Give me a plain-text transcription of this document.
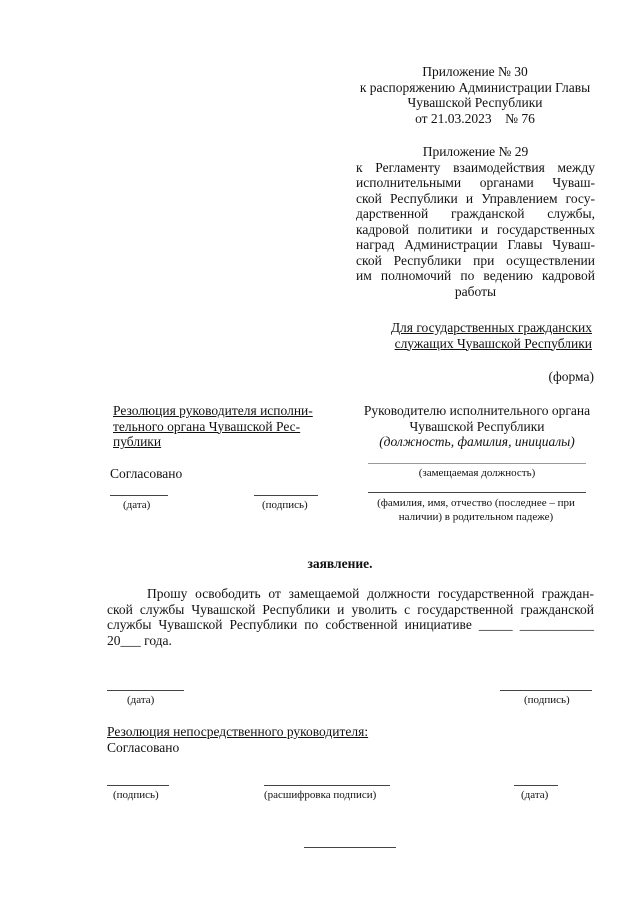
Приложение № 30
к распоряжению Администрации Главы
Чувашской Республики
от 21.03.2023    № 76
Приложение № 29
к Регламенту взаимодействия между
исполнительными органами Чуваш-
ской Республики и Управлением госу-
дарственной гражданской службы,
кадровой политики и государственных
наград Администрации Главы Чуваш-
ской Республики при осуществлении
им полномочий по ведению кадровой
работы
Для государственных гражданских
служащих Чувашской Республики
(форма)
Резолюция руководителя исполни-
тельного органа Чувашской Рес-
публики
Согласовано
(дата)	(подпись)
Руководителю исполнительного органа
Чувашской Республики
(должность, фамилия, инициалы)
(замещаемая должность)
(фамилия, имя, отчество (последнее – при
наличии) в родительном падеже)
заявление.
Прошу освободить от замещаемой должности государственной граждан-
ской службы Чувашской Республики и уволить с государственной гражданской
службы Чувашской Республики по собственной инициативе _____ ___________
20___ года.
(дата)	(подпись)
Резолюция непосредственного руководителя:
Согласовано
(подпись)	(расшифровка подписи)	(дата)
